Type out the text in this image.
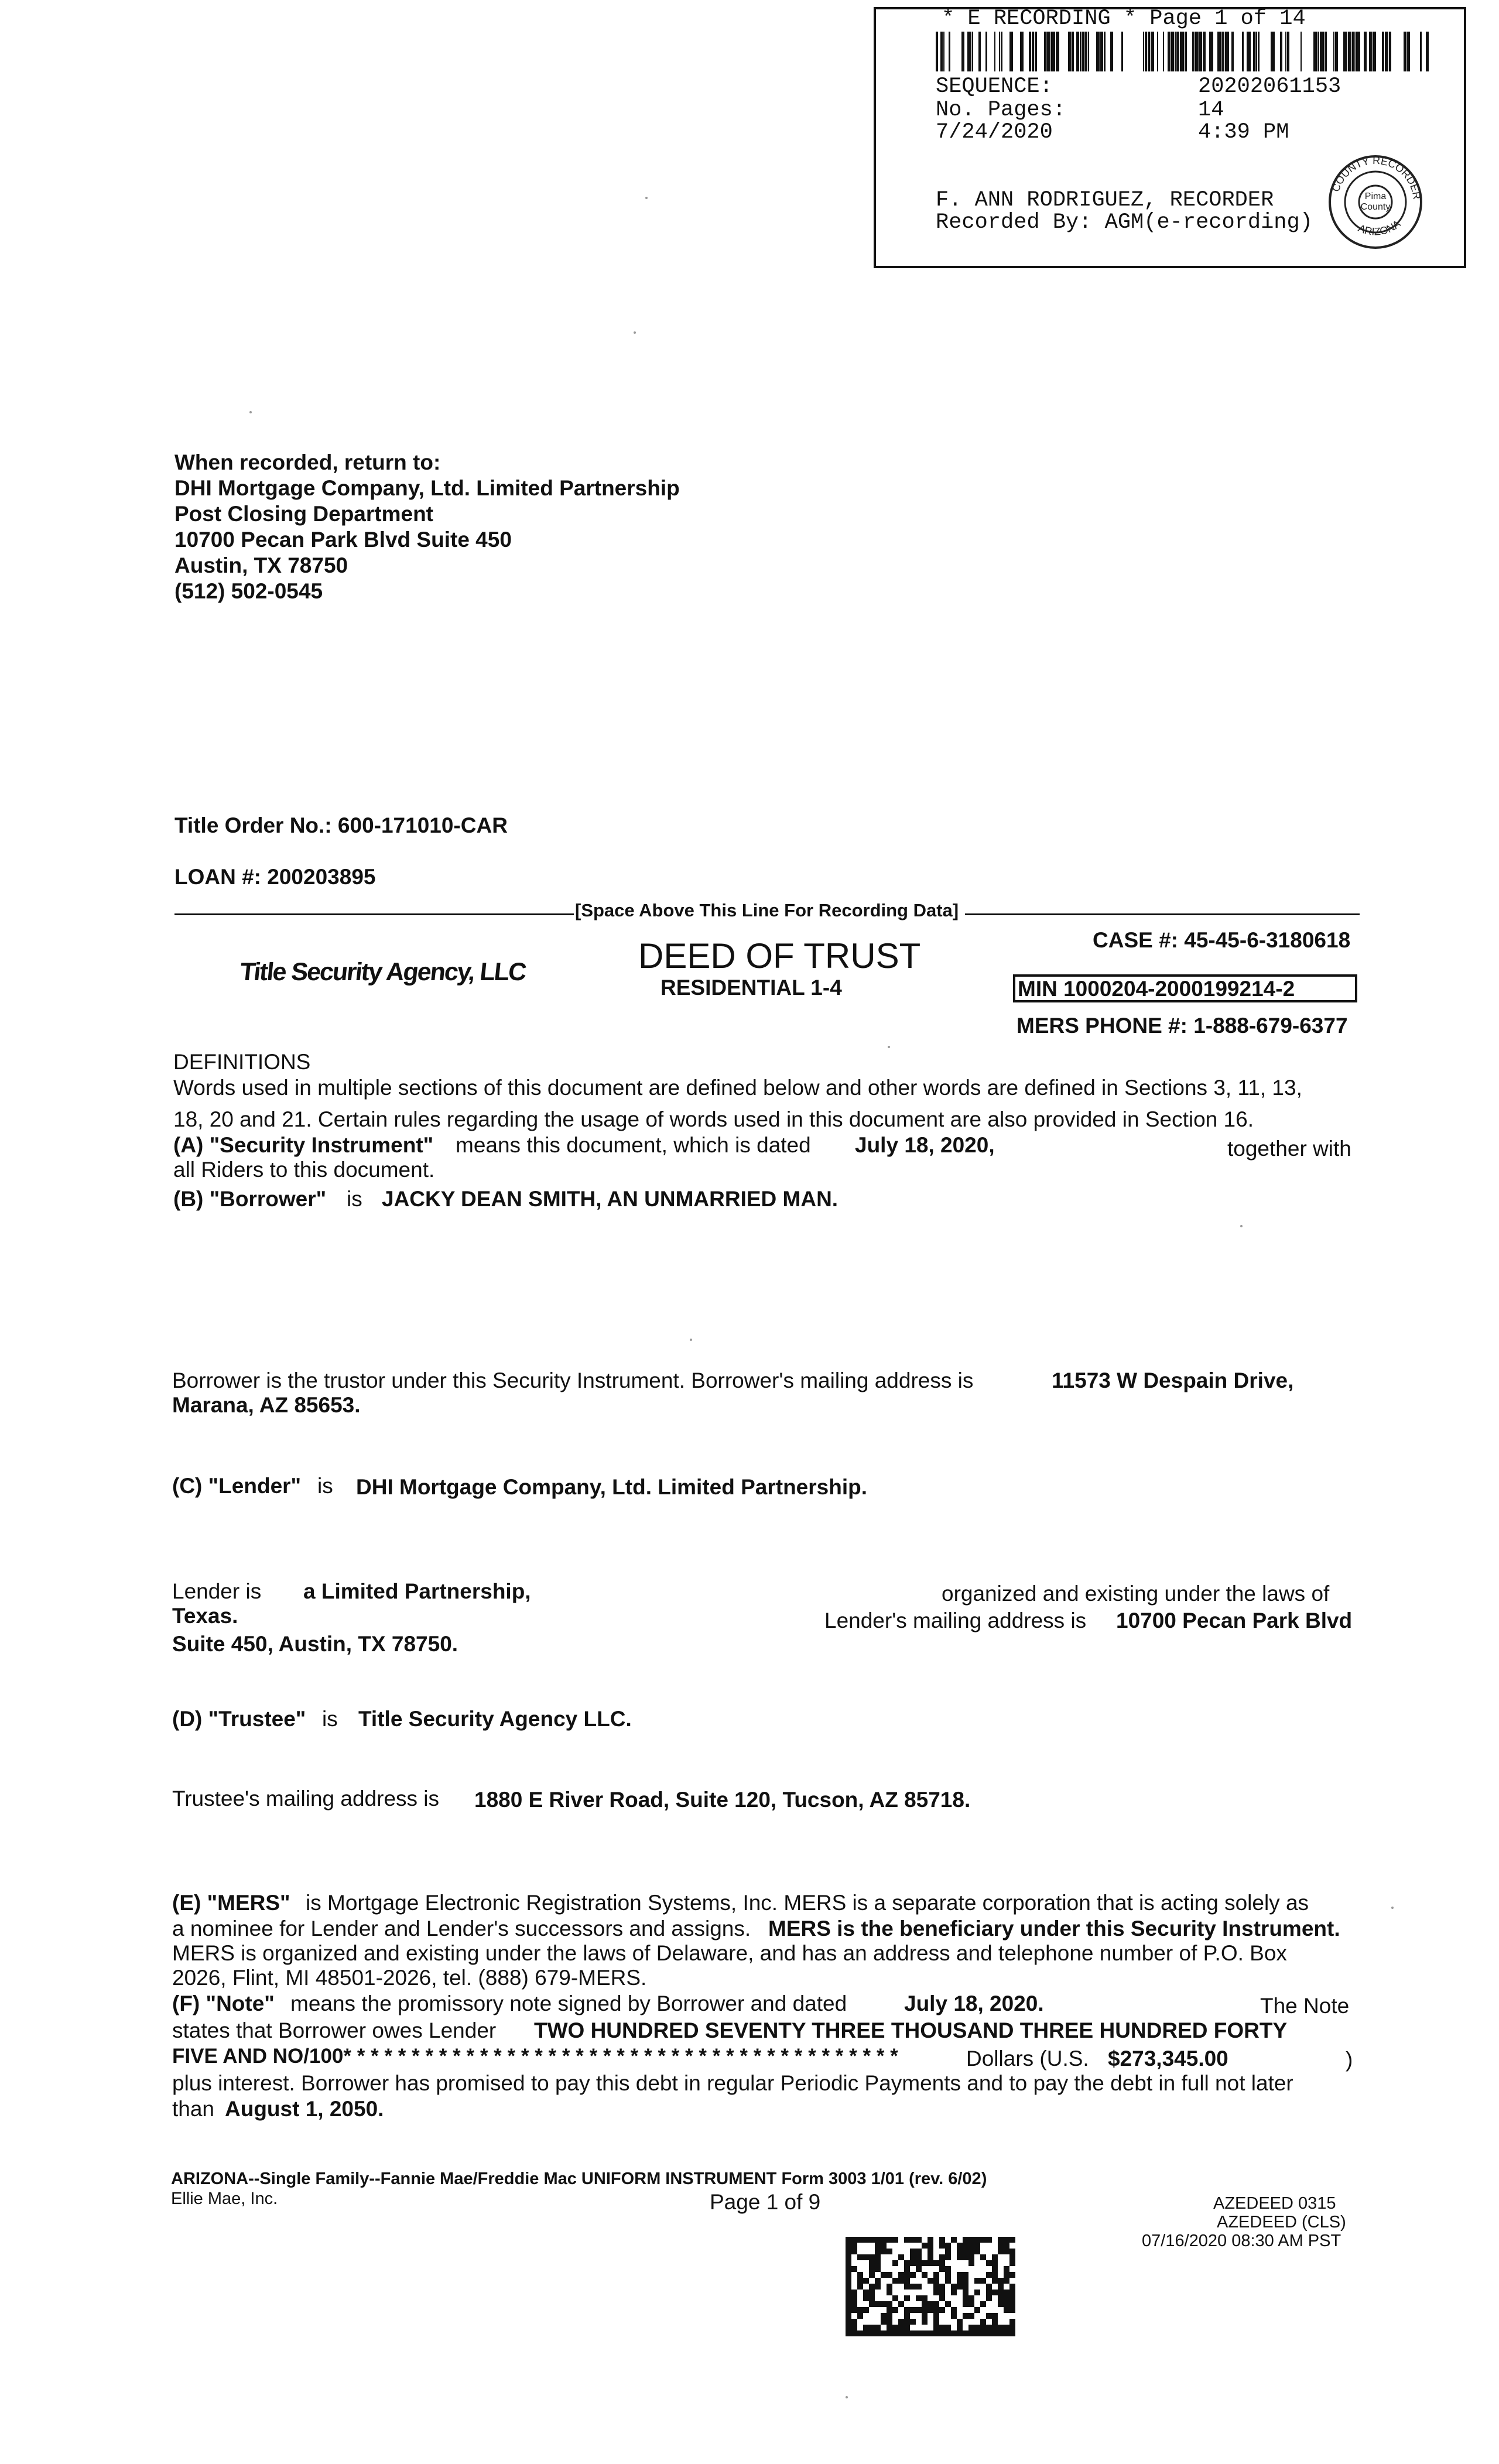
* E RECORDING * Page 1 of 14
SEQUENCE:	20202061153
No. Pages:	14
7/24/2020	4:39 PM
F. ANN RODRIGUEZ, RECORDER
Recorded By: AGM(e-recording)
Pima
County
COUNTY RECORDER
ARIZONA
When recorded, return to:
DHI Mortgage Company, Ltd. Limited Partnership
Post Closing Department
10700 Pecan Park Blvd Suite 450
Austin, TX 78750
(512) 502-0545
Title Order No.: 600-171010-CAR
LOAN #: 200203895
[Space Above This Line For Recording Data]
Title Security Agency, LLC	DEED OF TRUST
RESIDENTIAL 1-4
CASE #: 45-45-6-3180618
MIN 1000204-2000199214-2
MERS PHONE #: 1-888-679-6377
DEFINITIONS
Words used in multiple sections of this document are defined below and other words are defined in Sections 3, 11, 13,
18, 20 and 21. Certain rules regarding the usage of words used in this document are also provided in Section 16.
(A) "Security Instrument" means this document, which is dated July 18, 2020,	together with
all Riders to this document.
(B) "Borrower" is JACKY DEAN SMITH, AN UNMARRIED MAN.
Borrower is the trustor under this Security Instrument. Borrower's mailing address is	11573 W Despain Drive,
Marana, AZ 85653.
(C) "Lender" is DHI Mortgage Company, Ltd. Limited Partnership.
Lender is a Limited Partnership,	organized and existing under the laws of
Texas.	Lender's mailing address is 10700 Pecan Park Blvd
Suite 450, Austin, TX 78750.
(D) "Trustee" is Title Security Agency LLC.
Trustee's mailing address is 1880 E River Road, Suite 120, Tucson, AZ 85718.
(E) "MERS" is Mortgage Electronic Registration Systems, Inc. MERS is a separate corporation that is acting solely as
a nominee for Lender and Lender's successors and assigns. MERS is the beneficiary under this Security Instrument.
MERS is organized and existing under the laws of Delaware, and has an address and telephone number of P.O. Box
2026, Flint, MI 48501-2026, tel. (888) 679-MERS.
(F) "Note" means the promissory note signed by Borrower and dated	July 18, 2020.	The Note
states that Borrower owes Lender TWO HUNDRED SEVENTY THREE THOUSAND THREE HUNDRED FORTY
FIVE AND NO/100* * * * * * * * * * * * * * * * * * * * * * * * * * * * * * * * * * * * * * * * *	Dollars (U.S. $273,345.00	)
plus interest. Borrower has promised to pay this debt in regular Periodic Payments and to pay the debt in full not later
than August 1, 2050.
ARIZONA--Single Family--Fannie Mae/Freddie Mac UNIFORM INSTRUMENT Form 3003 1/01 (rev. 6/02)
Ellie Mae, Inc.	Page 1 of 9	AZEDEED 0315
AZEDEED (CLS)
07/16/2020 08:30 AM PST
